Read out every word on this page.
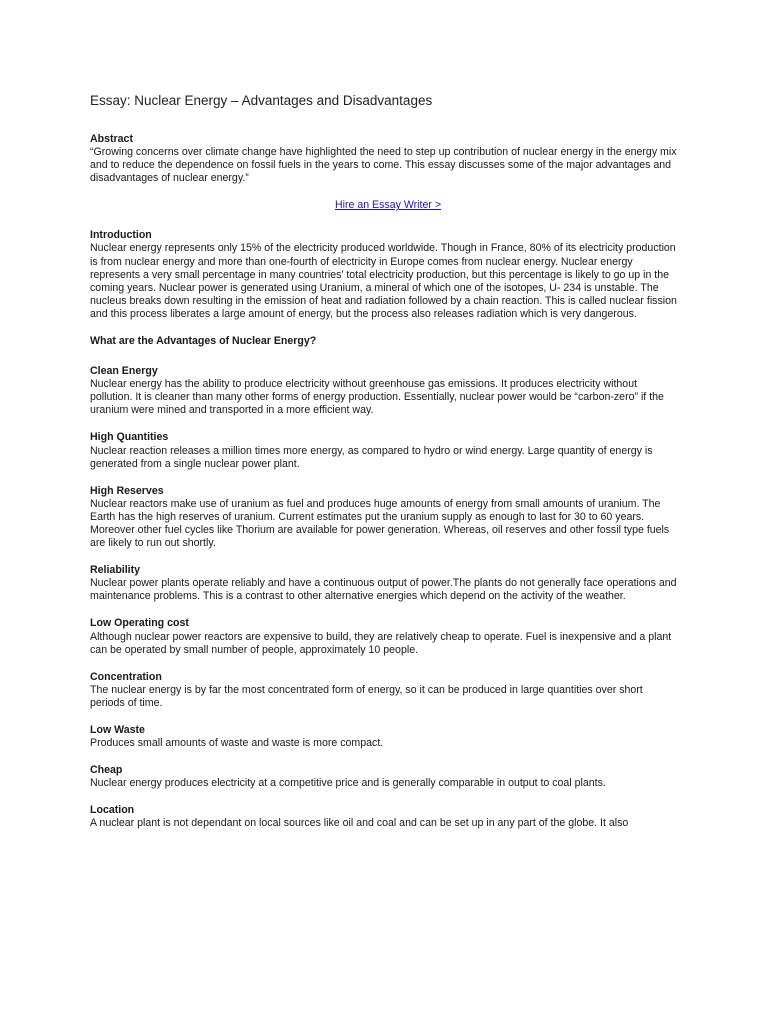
Essay: Nuclear Energy – Advantages and Disadvantages
Abstract
“Growing concerns over climate change have highlighted the need to step up contribution of nuclear energy in the energy mix and to reduce the dependence on fossil fuels in the years to come. This essay discusses some of the major advantages and disadvantages of nuclear energy.”
Hire an Essay Writer >
Introduction
Nuclear energy represents only 15% of the electricity produced worldwide. Though in France, 80% of its electricity production is from nuclear energy and more than one-fourth of electricity in Europe comes from nuclear energy. Nuclear energy represents a very small percentage in many countries’ total electricity production, but this percentage is likely to go up in the coming years. Nuclear power is generated using Uranium, a mineral of which one of the isotopes, U- 234 is unstable. The nucleus breaks down resulting in the emission of heat and radiation followed by a chain reaction. This is called nuclear fission and this process liberates a large amount of energy, but the process also releases radiation which is very dangerous.
What are the Advantages of Nuclear Energy?
Clean Energy
Nuclear energy has the ability to produce electricity without greenhouse gas emissions. It produces electricity without pollution. It is cleaner than many other forms of energy production. Essentially, nuclear power would be “carbon-zero” if the uranium were mined and transported in a more efficient way.
High Quantities
Nuclear reaction releases a million times more energy, as compared to hydro or wind energy. Large quantity of energy is generated from a single nuclear power plant.
High Reserves
Nuclear reactors make use of uranium as fuel and produces huge amounts of energy from small amounts of uranium. The Earth has the high reserves of uranium. Current estimates put the uranium supply as enough to last for 30 to 60 years. Moreover other fuel cycles like Thorium are available for power generation. Whereas, oil reserves and other fossil type fuels are likely to run out shortly.
Reliability
Nuclear power plants operate reliably and have a continuous output of power.The plants do not generally face operations and maintenance problems. This is a contrast to other alternative energies which depend on the activity of the weather.
Low Operating cost
Although nuclear power reactors are expensive to build, they are relatively cheap to operate. Fuel is inexpensive and a plant can be operated by small number of people, approximately 10 people.
Concentration
The nuclear energy is by far the most concentrated form of energy, so it can be produced in large quantities over short periods of time.
Low Waste
Produces small amounts of waste and waste is more compact.
Cheap
Nuclear energy produces electricity at a competitive price and is generally comparable in output to coal plants.
Location
A nuclear plant is not dependant on local sources like oil and coal and can be set up in any part of the globe. It also
